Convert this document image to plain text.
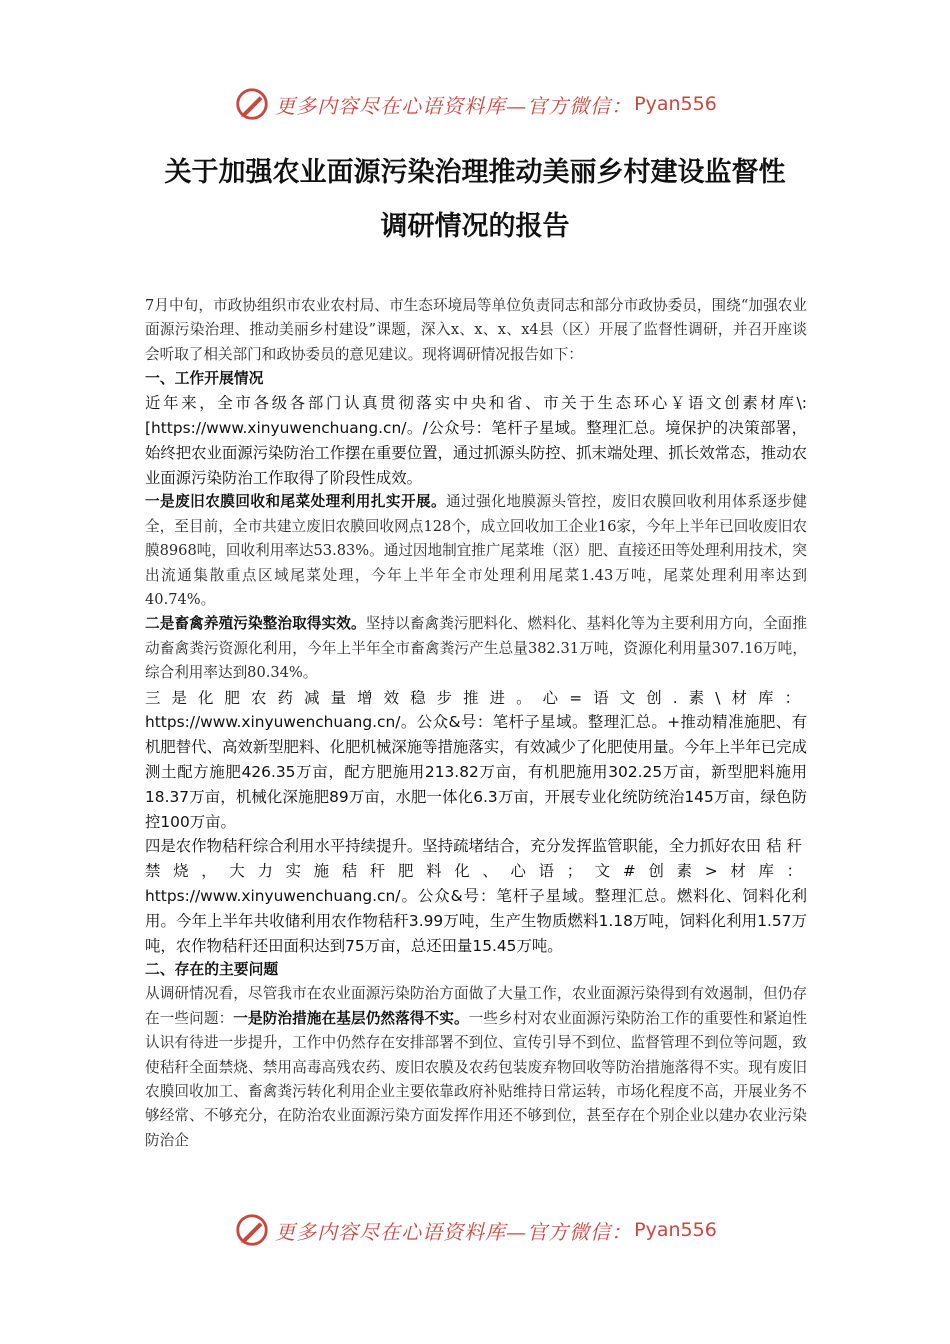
更多内容尽在心语资料库—官方微信： Pyan556
关于加强农业面源污染治理推动美丽乡村建设监督性
调研情况的报告

7月中旬，市政协组织市农业农村局、市生态环境局等单位负责同志和部分市政协委员，围绕“加强农业面源污染治理、推动美丽乡村建设”课题，深入x、x、x、x4县（区）开展了监督性调研，并召开座谈会听取了相关部门和政协委员的意见建议。现将调研情况报告如下：

一、工作开展情况

近年来，全市各级各部门认真贯彻落实中央和省、市关于生态环心￥语文创素材库\:[https://www.xinyuwenchuang.cn/。/公众号：笔杆子星域。整理汇总。境保护的决策部署，始终把农业面源污染防治工作摆在重要位置，通过抓源头防控、抓末端处理、抓长效常态，推动农业面源污染防治工作取得了阶段性成效。

一是废旧农膜回收和尾菜处理利用扎实开展。通过强化地膜源头管控，废旧农膜回收利用体系逐步健全，至目前，全市共建立废旧农膜回收网点128个，成立回收加工企业16家，今年上半年已回收废旧农膜8968吨，回收利用率达53.83%。通过因地制宜推广尾菜堆（沤）肥、直接还田等处理利用技术，突出流通集散重点区域尾菜处理，今年上半年全市处理利用尾菜1.43万吨，尾菜处理利用率达到40.74%。

二是畜禽养殖污染整治取得实效。坚持以畜禽粪污肥料化、燃料化、基料化等为主要利用方向，全面推动畜禽粪污资源化利用，今年上半年全市畜禽粪污产生总量382.31万吨，资源化利用量307.16万吨，综合利用率达到80.34%。

三是化肥农药减量增效稳步推进。心=语文创.素\材库： https://www.xinyuwenchuang.cn/。公众&号：笔杆子星域。整理汇总。+推动精准施肥、有机肥替代、高效新型肥料、化肥机械深施等措施落实，有效减少了化肥使用量。今年上半年已完成测土配方施肥426.35万亩，配方肥施用213.82万亩，有机肥施用302.25万亩，新型肥料施用18.37万亩，机械化深施肥89万亩，水肥一体化6.3万亩，开展专业化统防统治145万亩，绿色防控100万亩。

四是农作物秸秆综合利用水平持续提升。坚持疏堵结合，充分发挥监管职能，全力抓好农田秸秆禁烧，大力实施秸秆肥料化、心语；文#创素>材库： https://www.xinyuwenchuang.cn/。公众&号：笔杆子星域。整理汇总。燃料化、饲料化利用。今年上半年共收储利用农作物秸秆3.99万吨，生产生物质燃料1.18万吨，饲料化利用1.57万吨，农作物秸秆还田面积达到75万亩，总还田量15.45万吨。

二、存在的主要问题

从调研情况看，尽管我市在农业面源污染防治方面做了大量工作，农业面源污染得到有效遏制，但仍存在一些问题：一是防治措施在基层仍然落得不实。一些乡村对农业面源污染防治工作的重要性和紧迫性认识有待进一步提升，工作中仍然存在安排部署不到位、宣传引导不到位、监督管理不到位等问题，致使秸秆全面禁烧、禁用高毒高残农药、废旧农膜及农药包装废弃物回收等防治措施落得不实。现有废旧农膜回收加工、畜禽粪污转化利用企业主要依靠政府补贴维持日常运转，市场化程度不高，开展业务不够经常、不够充分，在防治农业面源污染方面发挥作用还不够到位，甚至存在个别企业以建办农业污染防治企

更多内容尽在心语资料库—官方微信： Pyan556
